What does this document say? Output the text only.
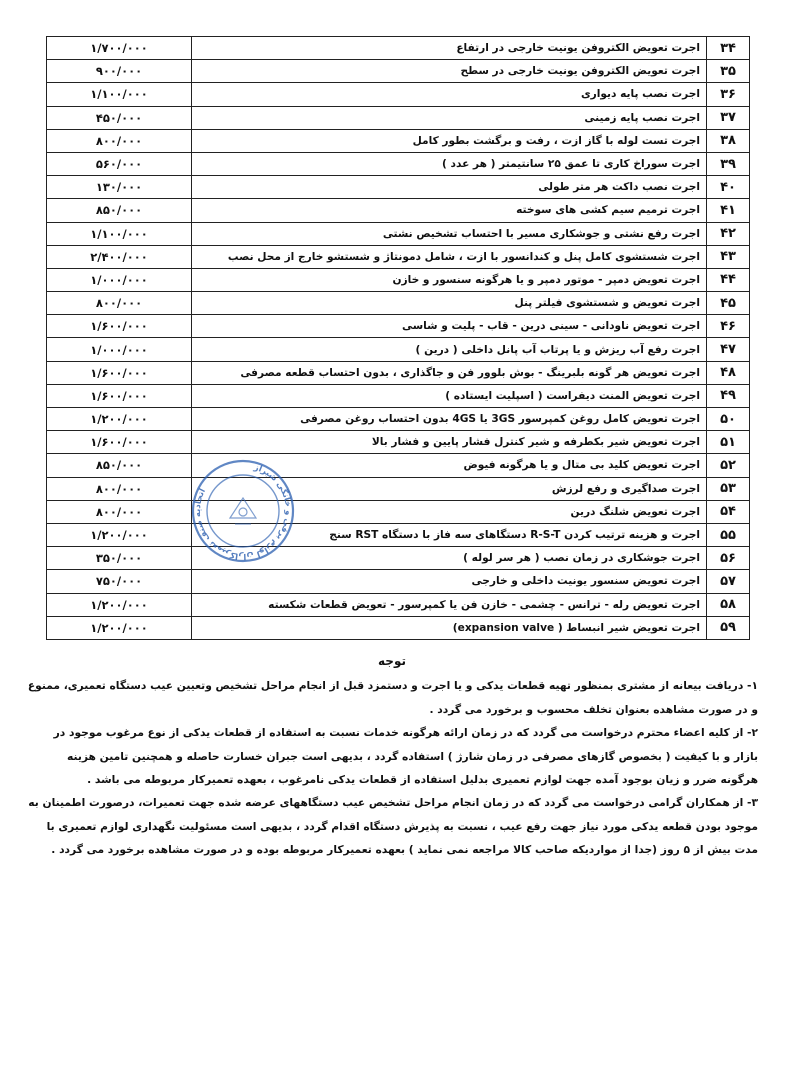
۳۴	اجرت تعویض الکتروفن یونیت خارجی در ارتفاع	۱/۷۰۰/۰۰۰
۳۵	اجرت تعویض الکتروفن یونیت خارجی در سطح	۹۰۰/۰۰۰
۳۶	اجرت نصب پایه دیواری	۱/۱۰۰/۰۰۰
۳۷	اجرت نصب پایه زمینی	۴۵۰/۰۰۰
۳۸	اجرت تست لوله با گاز ازت ، رفت و برگشت بطور کامل	۸۰۰/۰۰۰
۳۹	اجرت سوراخ کاری تا عمق ۲۵ سانتیمتر ( هر عدد )	۵۶۰/۰۰۰
۴۰	اجرت نصب داکت هر متر طولی	۱۳۰/۰۰۰
۴۱	اجرت ترمیم سیم کشی های سوخته	۸۵۰/۰۰۰
۴۲	اجرت رفع نشتی و جوشکاری مسیر با احتساب تشخیص نشتی	۱/۱۰۰/۰۰۰
۴۳	اجرت شستشوی کامل پنل و کندانسور با ازت ، شامل دمونتاژ و شستشو خارج از محل نصب	۲/۴۰۰/۰۰۰
۴۴	اجرت تعویض دمپر - موتور دمپر و یا هرگونه سنسور و خازن	۱/۰۰۰/۰۰۰
۴۵	اجرت تعویض و شستشوی فیلتر پنل	۸۰۰/۰۰۰
۴۶	اجرت تعویض ناودانی - سینی درین - قاب - پلیت و شاسی	۱/۶۰۰/۰۰۰
۴۷	اجرت رفع آب ریزش و یا پرتاب آب پانل داخلی ( درین )	۱/۰۰۰/۰۰۰
۴۸	اجرت تعویض هر گونه بلبرینگ - بوش بلوور فن و جاگذاری ، بدون احتساب قطعه مصرفی	۱/۶۰۰/۰۰۰
۴۹	اجرت تعویض المنت دیفراست ( اسپلیت ایستاده )	۱/۶۰۰/۰۰۰
۵۰	اجرت تعویض کامل روغن کمپرسور 3GS یا 4GS بدون احتساب روغن مصرفی	۱/۲۰۰/۰۰۰
۵۱	اجرت تعویض شیر بکطرفه و شیر کنترل فشار پایین و فشار بالا	۱/۶۰۰/۰۰۰
۵۲	اجرت تعویض کلید بی متال و یا هرگونه فیوض	۸۵۰/۰۰۰
۵۳	اجرت صداگیری و رفع لرزش	۸۰۰/۰۰۰
۵۴	اجرت تعویض شلنگ درین	۸۰۰/۰۰۰
۵۵	اجرت و هزینه ترتیب کردن R-S-T دستگاهای سه فاز با دستگاه RST سنج	۱/۲۰۰/۰۰۰
۵۶	اجرت جوشکاری در زمان نصب ( هر سر لوله )	۳۵۰/۰۰۰
۵۷	اجرت تعویض سنسور یونیت داخلی و خارجی	۷۵۰/۰۰۰
۵۸	اجرت تعویض رله - ترانس - چشمی - خازن فن یا کمپرسور - تعویض قطعات شکسته	۱/۲۰۰/۰۰۰
۵۹	اجرت تعویض شیر انبساط ( expansion valve)	۱/۲۰۰/۰۰۰
اتحادیه صنف تعمیرکاران لوازم برقی و خانگی شیراز
توجه

۱- دریافت بیعانه از مشتری بمنظور تهیه قطعات یدکی و یا اجرت و دستمزد قبل از انجام مراحل تشخیص وتعیین عیب دستگاه تعمیری، ممنوع و در صورت مشاهده بعنوان تخلف محسوب و برخورد می گردد .

۲- از کلیه اعضاء محترم درخواست می گردد که در زمان ارائه هرگونه خدمات نسبت به استفاده از قطعات یدکی از نوع مرغوب موجود در بازار و با کیفیت ( بخصوص گازهای مصرفی در زمان شارژ ) استفاده گردد ، بدیهی است جبران خسارت حاصله و همچنین تامین هزینه هرگونه ضرر و زیان بوجود آمده جهت لوازم تعمیری بدلیل استفاده از قطعات یدکی نامرغوب ، بعهده تعمیرکار مربوطه می باشد .

۳- از همکاران گرامی درخواست می گردد که در زمان انجام مراحل تشخیص عیب دستگاههای عرضه شده جهت تعمیرات، درصورت اطمینان به موجود بودن قطعه یدکی مورد نیاز جهت رفع عیب ، نسبت به پذیرش دستگاه اقدام گردد ، بدیهی است مسئولیت نگهداری لوازم تعمیری با مدت بیش از ۵ روز (جدا از مواردیکه صاحب کالا مراجعه نمی نماید ) بعهده تعمیرکار مربوطه بوده و در صورت مشاهده برخورد می گردد .
